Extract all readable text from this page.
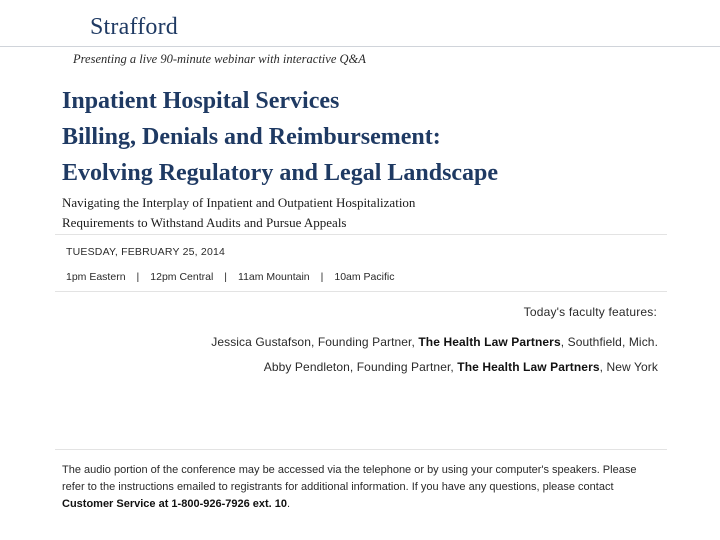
Strafford
Presenting a live 90-minute webinar with interactive Q&A
Inpatient Hospital Services
Billing, Denials and Reimbursement:
Evolving Regulatory and Legal Landscape
Navigating the Interplay of Inpatient and Outpatient Hospitalization
Requirements to Withstand Audits and Pursue Appeals
TUESDAY, FEBRUARY 25, 2014
1pm Eastern | 12pm Central | 11am Mountain | 10am Pacific
Today's faculty features:
Jessica Gustafson, Founding Partner, The Health Law Partners, Southfield, Mich.
Abby Pendleton, Founding Partner, The Health Law Partners, New York
The audio portion of the conference may be accessed via the telephone or by using your computer's speakers. Please refer to the instructions emailed to registrants for additional information. If you have any questions, please contact Customer Service at 1-800-926-7926 ext. 10.
